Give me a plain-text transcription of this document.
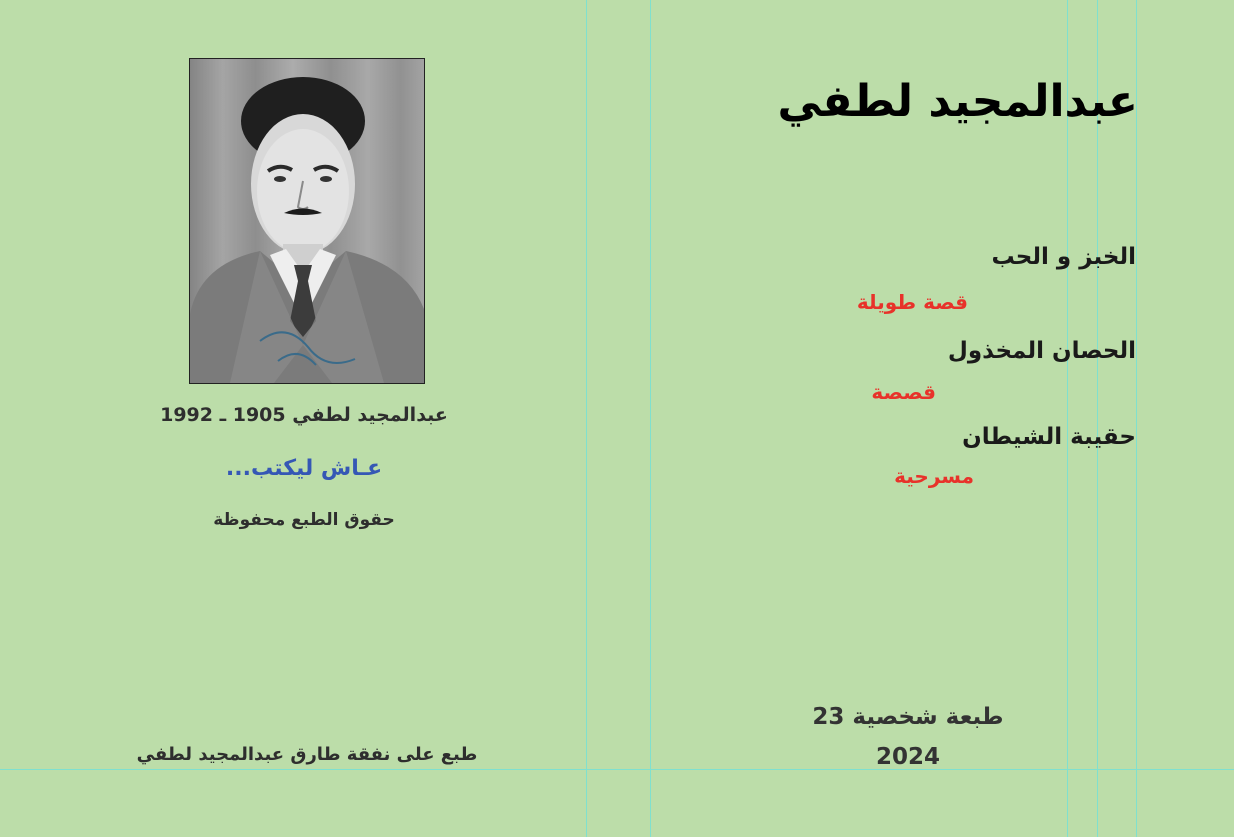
عبدالمجيد لطفي 1905 ـ 1992
عـاش ليكتب...
حقوق الطبع محفوظة
طبع على نفقة طارق عبدالمجيد لطفي
عبدالمجيد لطفي
الخبز و الحب
قصة طويلة
الحصان المخذول
قصصة
حقيبة الشيطان
مسرحية
طبعة شخصية 23
2024
